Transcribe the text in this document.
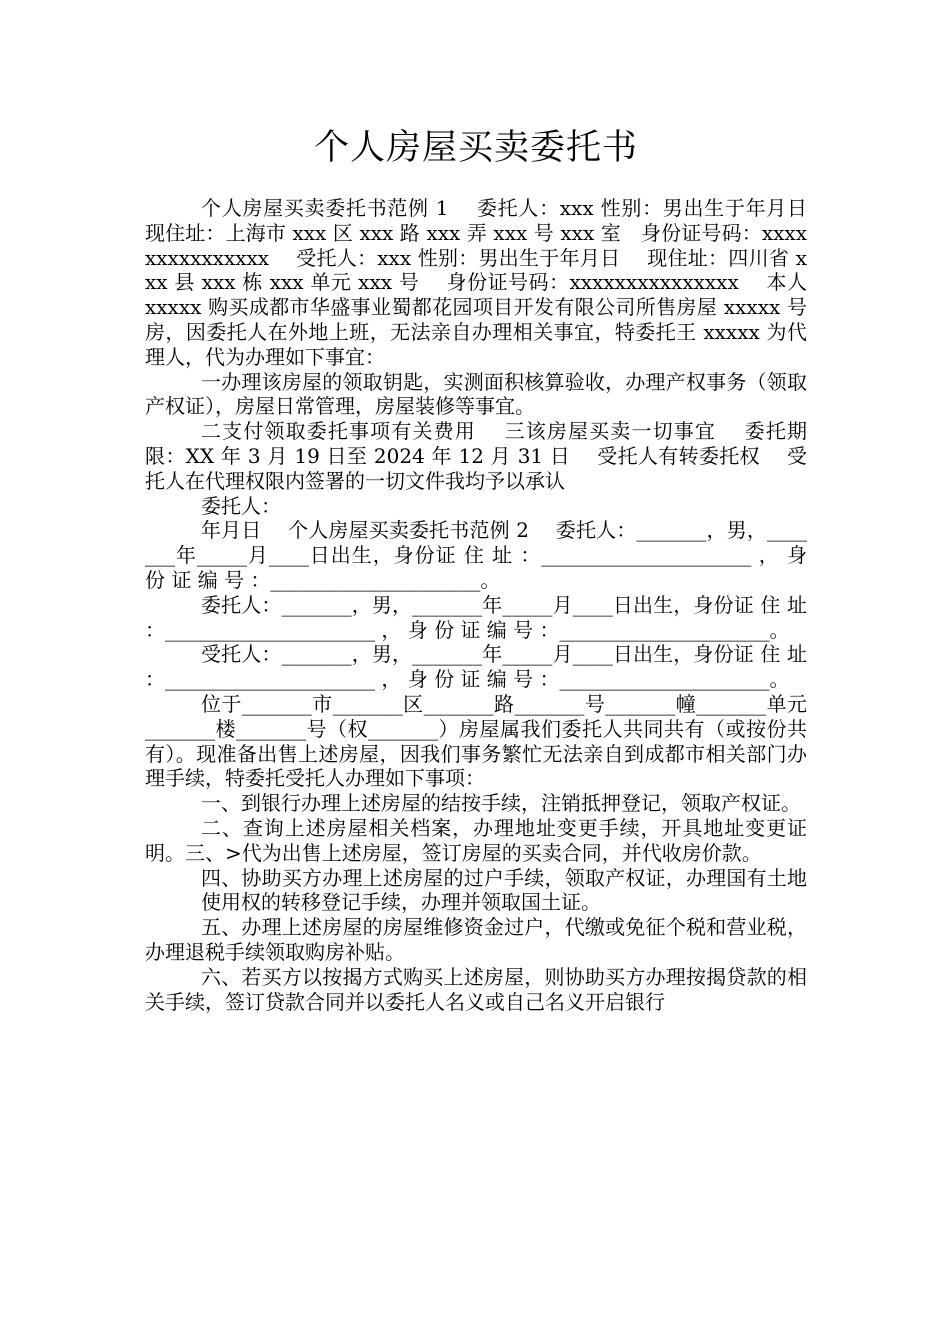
个人房屋买卖委托书

个人房屋买卖委托书范例 1　 委托人：xxx 性别：男出生于年月日　 现住址：上海市 xxx 区 xxx 路 xxx 弄 xxx 号 xxx 室　身份证号码：xxxxxxxxxxxxxxx　 受托人：xxx 性别：男出生于年月日　 现住址：四川省 xxx 县 xxx 栋 xxx 单元 xxx 号　 身份证号码：xxxxxxxxxxxxxxx　 本人 xxxxx 购买成都市华盛事业蜀都花园项目开发有限公司所售房屋 xxxxx 号房，因委托人在外地上班，无法亲自办理相关事宜，特委托王 xxxxx 为代理人，代为办理如下事宜：

一办理该房屋的领取钥匙，实测面积核算验收，办理产权事务（领取产权证），房屋日常管理，房屋装修等事宜。

二支付领取委托事项有关费用　 三该房屋买卖一切事宜　 委托期限：XX 年 3 月 19 日至 2024 年 12 月 31 日　 受托人有转委托权　 受托人在代理权限内签署的一切文件我均予以承认

委托人：

年月日　 个人房屋买卖委托书范例 2　 委托人：_______，男，_______年_____月____日出生，身份证 住 址 ：_____________________ ， 身 份 证 编 号 ：_____________________。

委托人：_______，男，_______年_____月____日出生，身份证 住 址 ：_____________________ ， 身 份 证 编 号 ：_____________________。

受托人：_______，男，_______年_____月____日出生，身份证 住 址 ：_____________________ ， 身 份 证 编 号 ：_____________________。

位于_______市_______区_______路_______号_______幢_______单元_______楼_______号（权_______）房屋属我们委托人共同共有（或按份共有）。现准备出售上述房屋，因我们事务繁忙无法亲自到成都市相关部门办理手续，特委托受托人办理如下事项：

一、到银行办理上述房屋的结按手续，注销抵押登记，领取产权证。

二、查询上述房屋相关档案，办理地址变更手续，开具地址变更证明。三、>代为出售上述房屋，签订房屋的买卖合同，并代收房价款。

四、协助买方办理上述房屋的过户手续，领取产权证，办理国有土地使用权的转移登记手续，办理并领取国土证。

五、办理上述房屋的房屋维修资金过户，代缴或免征个税和营业税，办理退税手续领取购房补贴。

六、若买方以按揭方式购买上述房屋，则协助买方办理按揭贷款的相关手续，签订贷款合同并以委托人名义或自己名义开启银行
